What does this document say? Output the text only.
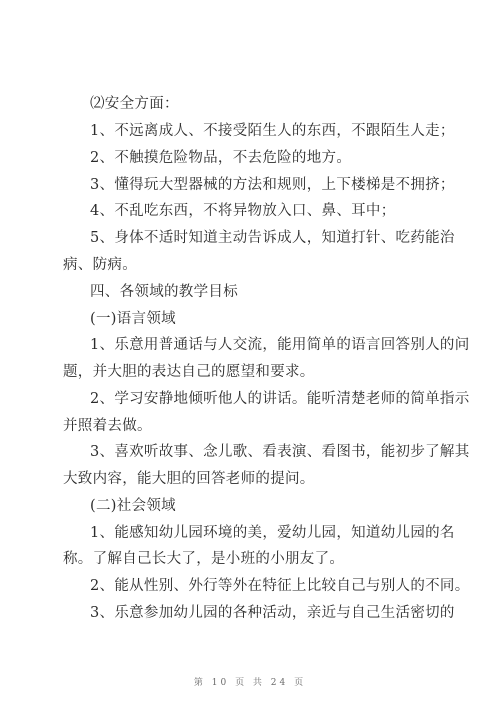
⑵安全方面：
1、不远离成人、不接受陌生人的东西，不跟陌生人走；
2、不触摸危险物品，不去危险的地方。
3、懂得玩大型器械的方法和规则，上下楼梯是不拥挤；
4、不乱吃东西，不将异物放入口、鼻、耳中；
5、身体不适时知道主动告诉成人，知道打针、吃药能治
病、防病。
四、各领域的教学目标
(一)语言领域
1、乐意用普通话与人交流，能用简单的语言回答别人的问
题，并大胆的表达自己的愿望和要求。
2、学习安静地倾听他人的讲话。能听清楚老师的简单指示
并照着去做。
3、喜欢听故事、念儿歌、看表演、看图书，能初步了解其
大致内容，能大胆的回答老师的提问。
(二)社会领域
1、能感知幼儿园环境的美，爱幼儿园，知道幼儿园的名
称。了解自己长大了，是小班的小朋友了。
2、能从性别、外行等外在特征上比较自己与别人的不同。
3、乐意参加幼儿园的各种活动，亲近与自己生活密切的
第 10 页 共 24 页
